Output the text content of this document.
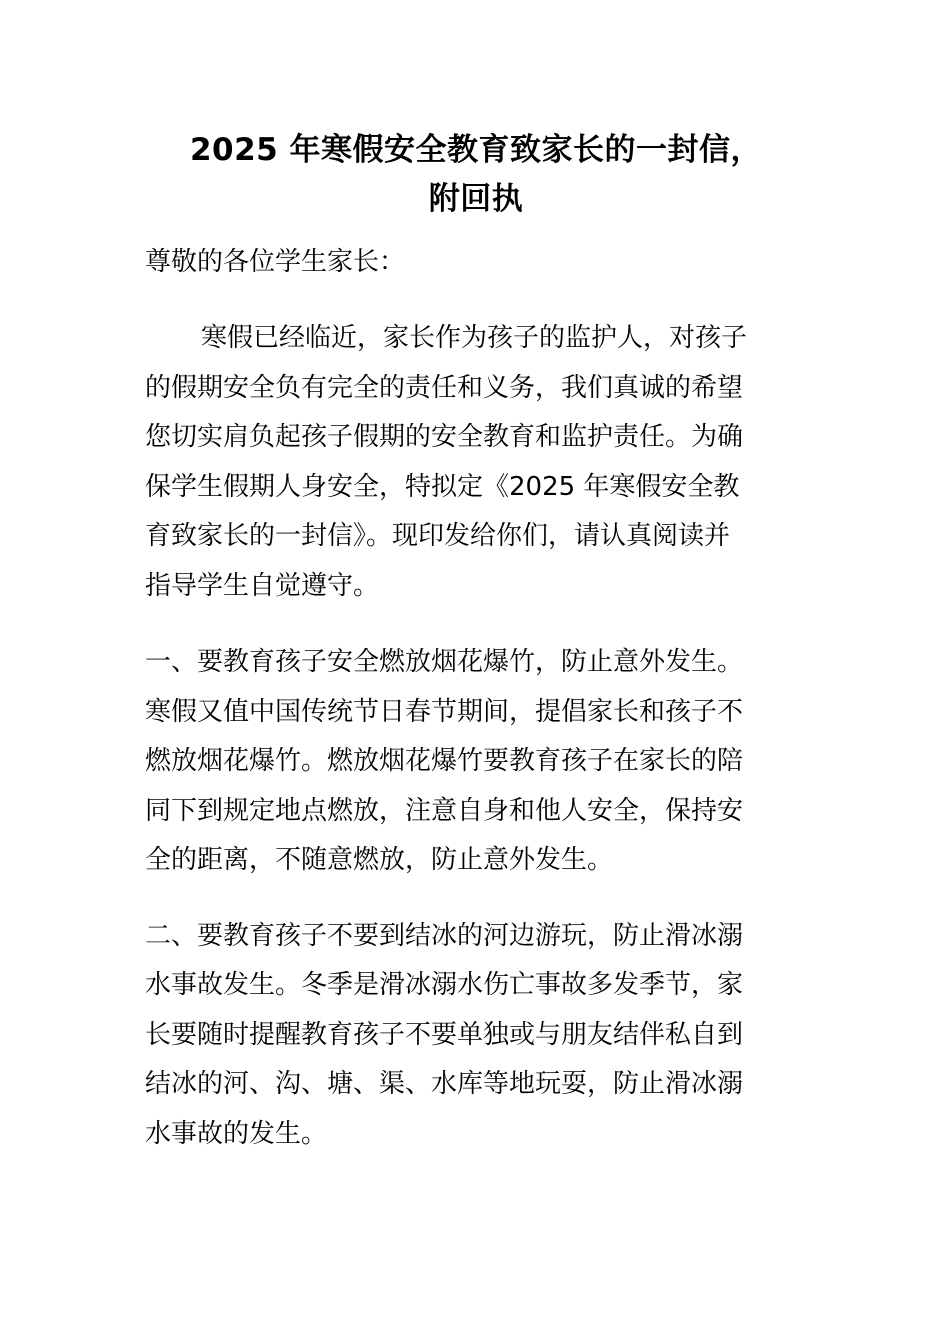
2025 年寒假安全教育致家长的一封信，
附回执

尊敬的各位学生家长：

寒假已经临近，家长作为孩子的监护人，对孩子
的假期安全负有完全的责任和义务，我们真诚的希望
您切实肩负起孩子假期的安全教育和监护责任。为确
保学生假期人身安全，特拟定《2025 年寒假安全教
育致家长的一封信》。现印发给你们，请认真阅读并
指导学生自觉遵守。
一、要教育孩子安全燃放烟花爆竹，防止意外发生。
寒假又值中国传统节日春节期间，提倡家长和孩子不
燃放烟花爆竹。燃放烟花爆竹要教育孩子在家长的陪
同下到规定地点燃放，注意自身和他人安全，保持安
全的距离，不随意燃放，防止意外发生。
二、要教育孩子不要到结冰的河边游玩，防止滑冰溺
水事故发生。冬季是滑冰溺水伤亡事故多发季节，家
长要随时提醒教育孩子不要单独或与朋友结伴私自到
结冰的河、沟、塘、渠、水库等地玩耍，防止滑冰溺
水事故的发生。
